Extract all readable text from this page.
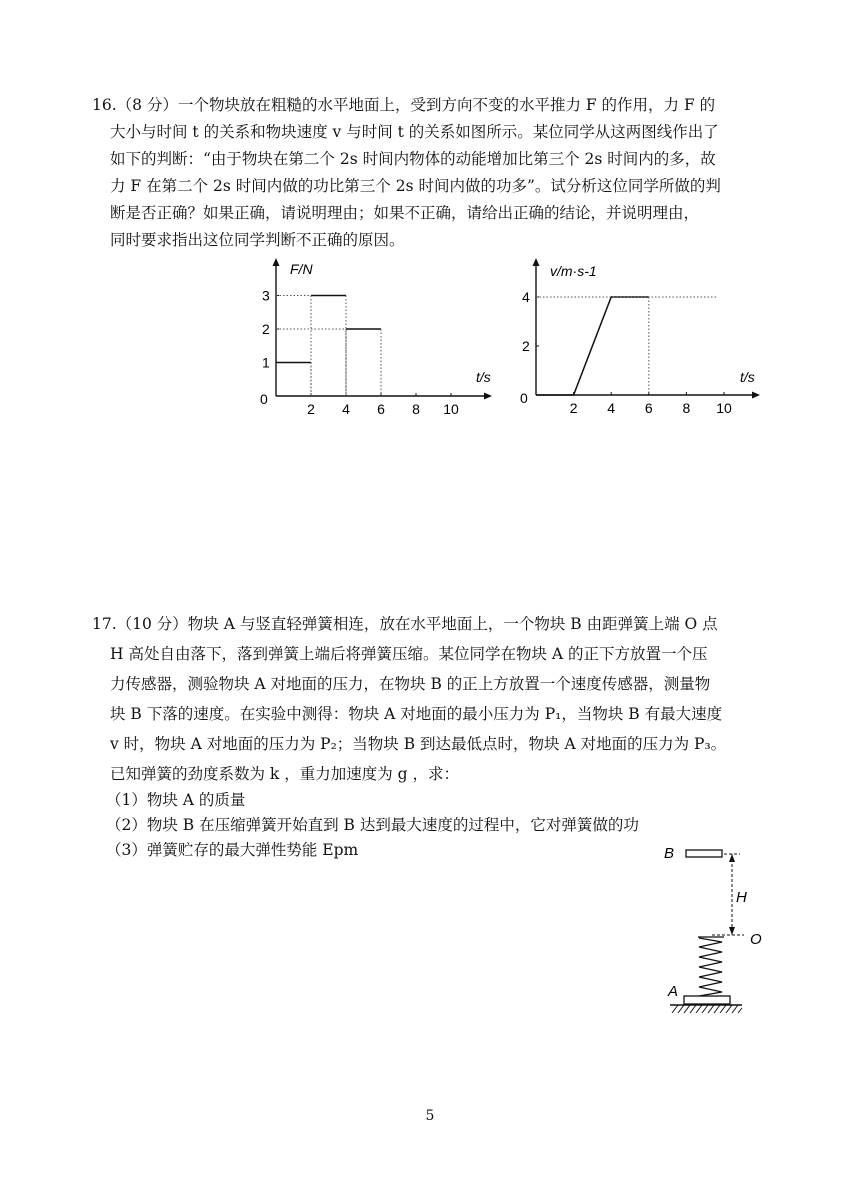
16.（8 分）一个物块放在粗糙的水平地面上，受到方向不变的水平推力 F 的作用，力 F 的
大小与时间 t 的关系和物块速度 v 与时间 t 的关系如图所示。某位同学从这两图线作出了
如下的判断：“由于物块在第二个 2s 时间内物体的动能增加比第三个 2s 时间内的多，故
力 F 在第二个 2s 时间内做的功比第三个 2s 时间内做的功多”。试分析这位同学所做的判
断是否正确？如果正确，请说明理由；如果不正确，请给出正确的结论，并说明理由，
同时要求指出这位同学判断不正确的原因。
0
2 4 6 8 10
1
2
3
F/N
t/s
0
2 4 6 8 10
2
4
v/m·s-1
t/s
17.（10 分）物块 A 与竖直轻弹簧相连，放在水平地面上，一个物块 B 由距弹簧上端 O 点
H 高处自由落下，落到弹簧上端后将弹簧压缩。某位同学在物块 A 的正下方放置一个压
力传感器，测验物块 A 对地面的压力，在物块 B 的正上方放置一个速度传感器，测量物
块 B 下落的速度。在实验中测得：物块 A 对地面的最小压力为 P₁，当物块 B 有最大速度
v 时，物块 A 对地面的压力为 P₂；当物块 B 到达最低点时，物块 A 对地面的压力为 P₃。
已知弹簧的劲度系数为 k ，重力加速度为 g ，求：
（1）物块 A 的质量
（2）物块 B 在压缩弹簧开始直到 B 达到最大速度的过程中，它对弹簧做的功
（3）弹簧贮存的最大弹性势能 Epm	B
H
O
A
5
